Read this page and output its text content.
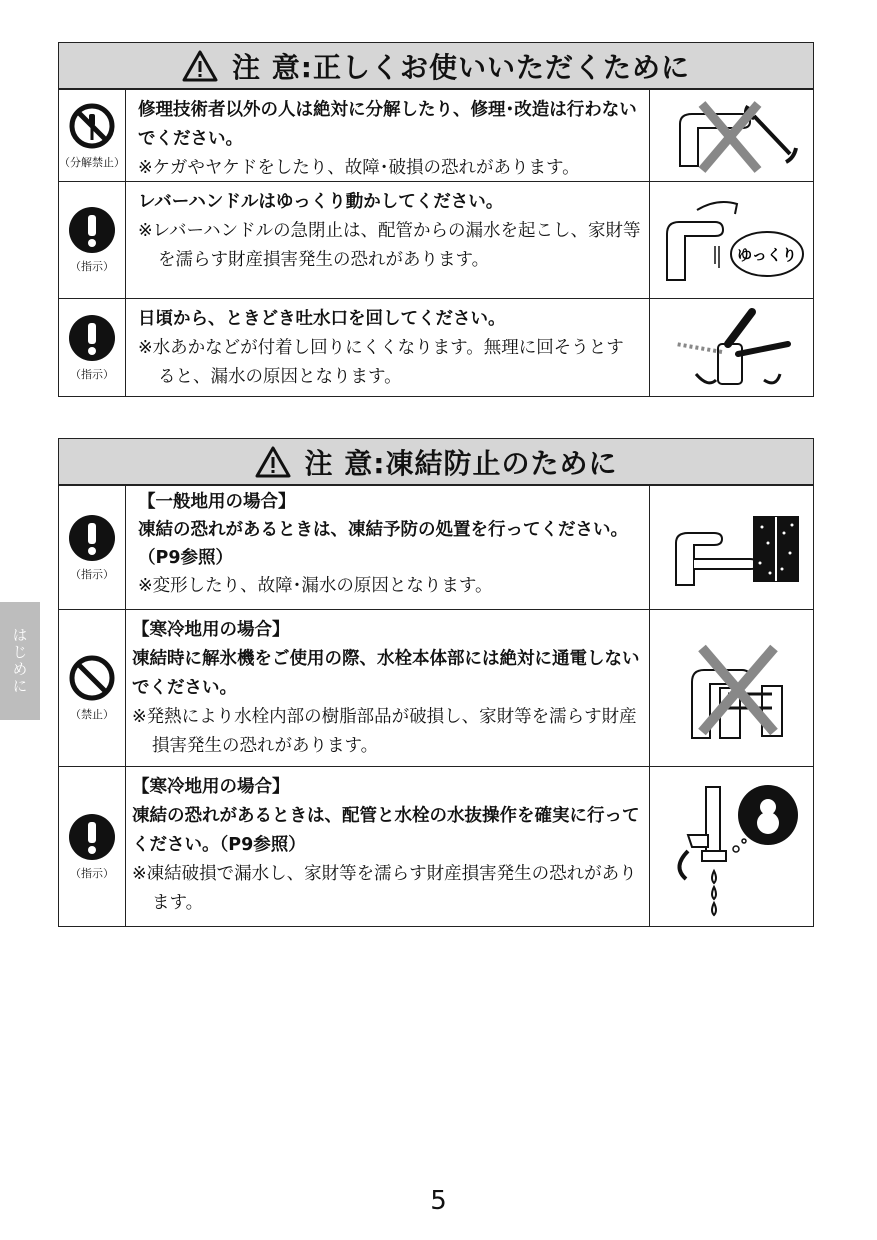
注 意:正しくお使いいただくために
（分解禁止）
修理技術者以外の人は絶対に分解したり、修理･改造は行わないでください。
※ケガやヤケドをしたり、故障･破損の恐れがあります。
（指示）
レバーハンドルはゆっくり動かしてください。
※レバーハンドルの急閉止は、配管からの漏水を起こし、家財等を濡らす財産損害発生の恐れがあります。	ゆっくり
（指示）
日頃から、ときどき吐水口を回してください。
※水あかなどが付着し回りにくくなります。無理に回そうとすると、漏水の原因となります。
注 意:凍結防止のために
（指示）
【一般地用の場合】
凍結の恐れがあるときは、凍結予防の処置を行ってください。（P9参照）
※変形したり、故障･漏水の原因となります。
（禁止）
【寒冷地用の場合】
凍結時に解氷機をご使用の際、水栓本体部には絶対に通電しないでください。
※発熱により水栓内部の樹脂部品が破損し、家財等を濡らす財産損害発生の恐れがあります。
（指示）
【寒冷地用の場合】
凍結の恐れがあるときは、配管と水栓の水抜操作を確実に行ってください。（P9参照）
※凍結破損で漏水し、家財等を濡らす財産損害発生の恐れがあります。
はじめに
5
